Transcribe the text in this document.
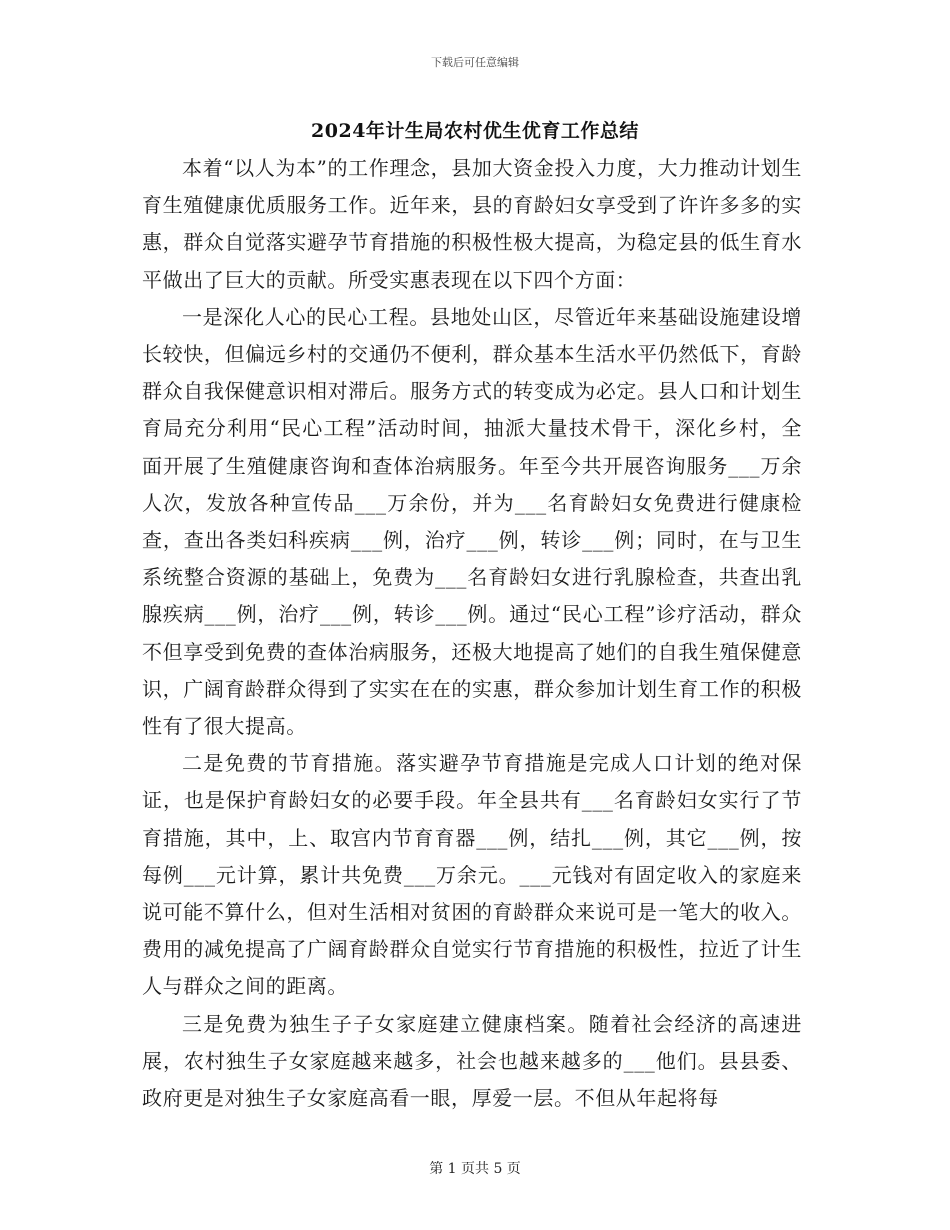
下载后可任意编辑
2024年计生局农村优生优育工作总结

本着“以人为本”的工作理念，县加大资金投入力度，大力推动计划生育生殖健康优质服务工作。近年来，县的育龄妇女享受到了许许多多的实惠，群众自觉落实避孕节育措施的积极性极大提高，为稳定县的低生育水平做出了巨大的贡献。所受实惠表现在以下四个方面：

一是深化人心的民心工程。县地处山区，尽管近年来基础设施建设增长较快，但偏远乡村的交通仍不便利，群众基本生活水平仍然低下，育龄群众自我保健意识相对滞后。服务方式的转变成为必定。县人口和计划生育局充分利用“民心工程”活动时间，抽派大量技术骨干，深化乡村，全面开展了生殖健康咨询和查体治病服务。年至今共开展咨询服务___万余人次，发放各种宣传品___万余份，并为___名育龄妇女免费进行健康检查，查出各类妇科疾病___例，治疗___例，转诊___例；同时，在与卫生系统整合资源的基础上，免费为___名育龄妇女进行乳腺检查，共查出乳腺疾病___例，治疗___例，转诊___例。通过“民心工程”诊疗活动，群众不但享受到免费的查体治病服务，还极大地提高了她们的自我生殖保健意识，广阔育龄群众得到了实实在在的实惠，群众参加计划生育工作的积极性有了很大提高。

二是免费的节育措施。落实避孕节育措施是完成人口计划的绝对保证，也是保护育龄妇女的必要手段。年全县共有___名育龄妇女实行了节育措施，其中，上、取宫内节育育器___例，结扎___例，其它___例，按每例___元计算，累计共免费___万余元。___元钱对有固定收入的家庭来说可能不算什么，但对生活相对贫困的育龄群众来说可是一笔大的收入。费用的减免提高了广阔育龄群众自觉实行节育措施的积极性，拉近了计生人与群众之间的距离。

三是免费为独生子子女家庭建立健康档案。随着社会经济的高速进展，农村独生子女家庭越来越多，社会也越来越多的___他们。县县委、政府更是对独生子女家庭高看一眼，厚爱一层。不但从年起将每

第 1 页共 5 页
